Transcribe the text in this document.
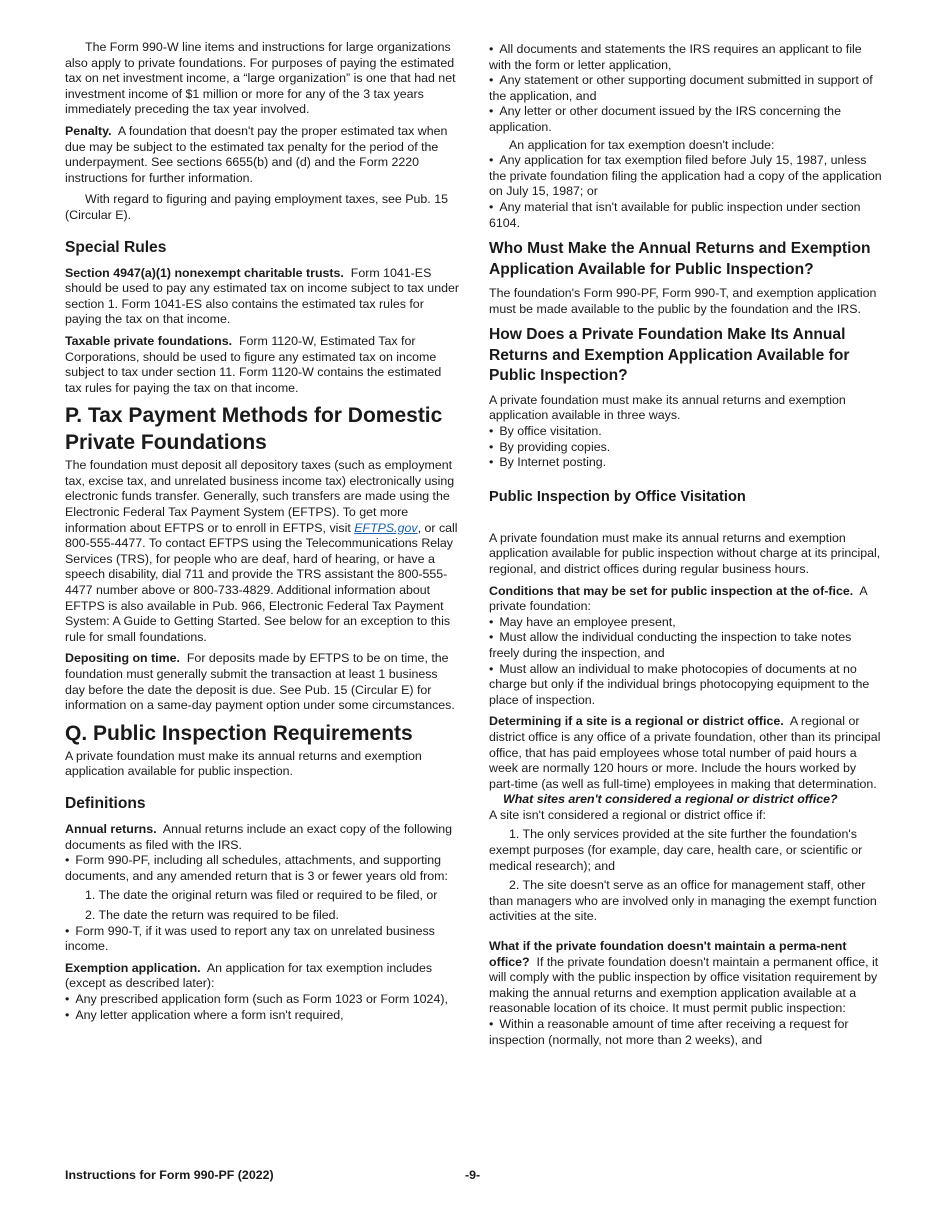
The Form 990-W line items and instructions for large organizations also apply to private foundations. For purposes of paying the estimated tax on net investment income, a “large organization” is one that had net investment income of $1 million or more for any of the 3 tax years immediately preceding the tax year involved.

Penalty. A foundation that doesn't pay the proper estimated tax when due may be subject to the estimated tax penalty for the period of the underpayment. See sections 6655(b) and (d) and the Form 2220 instructions for further information.

With regard to figuring and paying employment taxes, see Pub. 15 (Circular E).

Special Rules

Section 4947(a)(1) nonexempt charitable trusts. Form 1041-ES should be used to pay any estimated tax on income subject to tax under section 1. Form 1041-ES also contains the estimated tax rules for paying the tax on that income.

Taxable private foundations. Form 1120-W, Estimated Tax for Corporations, should be used to figure any estimated tax on income subject to tax under section 11. Form 1120-W contains the estimated tax rules for paying the tax on that income.

P. Tax Payment Methods for Domestic Private Foundations

The foundation must deposit all depository taxes (such as employment tax, excise tax, and unrelated business income tax) electronically using electronic funds transfer. Generally, such transfers are made using the Electronic Federal Tax Payment System (EFTPS). To get more information about EFTPS or to enroll in EFTPS, visit EFTPS.gov, or call 800-555-4477. To contact EFTPS using the Telecommunications Relay Services (TRS), for people who are deaf, hard of hearing, or have a speech disability, dial 711 and provide the TRS assistant the 800-555-4477 number above or 800-733-4829. Additional information about EFTPS is also available in Pub. 966, Electronic Federal Tax Payment System: A Guide to Getting Started. See below for an exception to this rule for small foundations.

Depositing on time. For deposits made by EFTPS to be on time, the foundation must generally submit the transaction at least 1 business day before the date the deposit is due. See Pub. 15 (Circular E) for information on a same-day payment option under some circumstances.

Q. Public Inspection Requirements

A private foundation must make its annual returns and exemption application available for public inspection.

Definitions

Annual returns. Annual returns include an exact copy of the following documents as filed with the IRS.

• Form 990-PF, including all schedules, attachments, and supporting documents, and any amended return that is 3 or fewer years old from:

1. The date the original return was filed or required to be filed, or

2. The date the return was required to be filed.

• Form 990-T, if it was used to report any tax on unrelated business income.

Exemption application. An application for tax exemption includes (except as described later):

• Any prescribed application form (such as Form 1023 or Form 1024),

• Any letter application where a form isn't required,

• All documents and statements the IRS requires an applicant to file with the form or letter application,

• Any statement or other supporting document submitted in support of the application, and

• Any letter or other document issued by the IRS concerning the application.

An application for tax exemption doesn't include:

• Any application for tax exemption filed before July 15, 1987, unless the private foundation filing the application had a copy of the application on July 15, 1987; or

• Any material that isn't available for public inspection under section 6104.

Who Must Make the Annual Returns and Exemption Application Available for Public Inspection?

The foundation's Form 990-PF, Form 990-T, and exemption application must be made available to the public by the foundation and the IRS.

How Does a Private Foundation Make Its Annual Returns and Exemption Application Available for Public Inspection?

A private foundation must make its annual returns and exemption application available in three ways.

• By office visitation.

• By providing copies.

• By Internet posting.

Public Inspection by Office Visitation

A private foundation must make its annual returns and exemption application available for public inspection without charge at its principal, regional, and district offices during regular business hours.

Conditions that may be set for public inspection at the of-fice. A private foundation:

• May have an employee present,

• Must allow the individual conducting the inspection to take notes freely during the inspection, and

• Must allow an individual to make photocopies of documents at no charge but only if the individual brings photocopying equipment to the place of inspection.

Determining if a site is a regional or district office. A regional or district office is any office of a private foundation, other than its principal office, that has paid employees whose total number of paid hours a week are normally 120 hours or more. Include the hours worked by part-time (as well as full-time) employees in making that determination.

What sites aren't considered a regional or district office?

A site isn't considered a regional or district office if:

1. The only services provided at the site further the foundation's exempt purposes (for example, day care, health care, or scientific or medical research); and

2. The site doesn't serve as an office for management staff, other than managers who are involved only in managing the exempt function activities at the site.

What if the private foundation doesn't maintain a perma-nent office? If the private foundation doesn't maintain a permanent office, it will comply with the public inspection by office visitation requirement by making the annual returns and exemption application available at a reasonable location of its choice. It must permit public inspection:

• Within a reasonable amount of time after receiving a request for inspection (normally, not more than 2 weeks), and

Instructions for Form 990-PF (2022)	-9-
